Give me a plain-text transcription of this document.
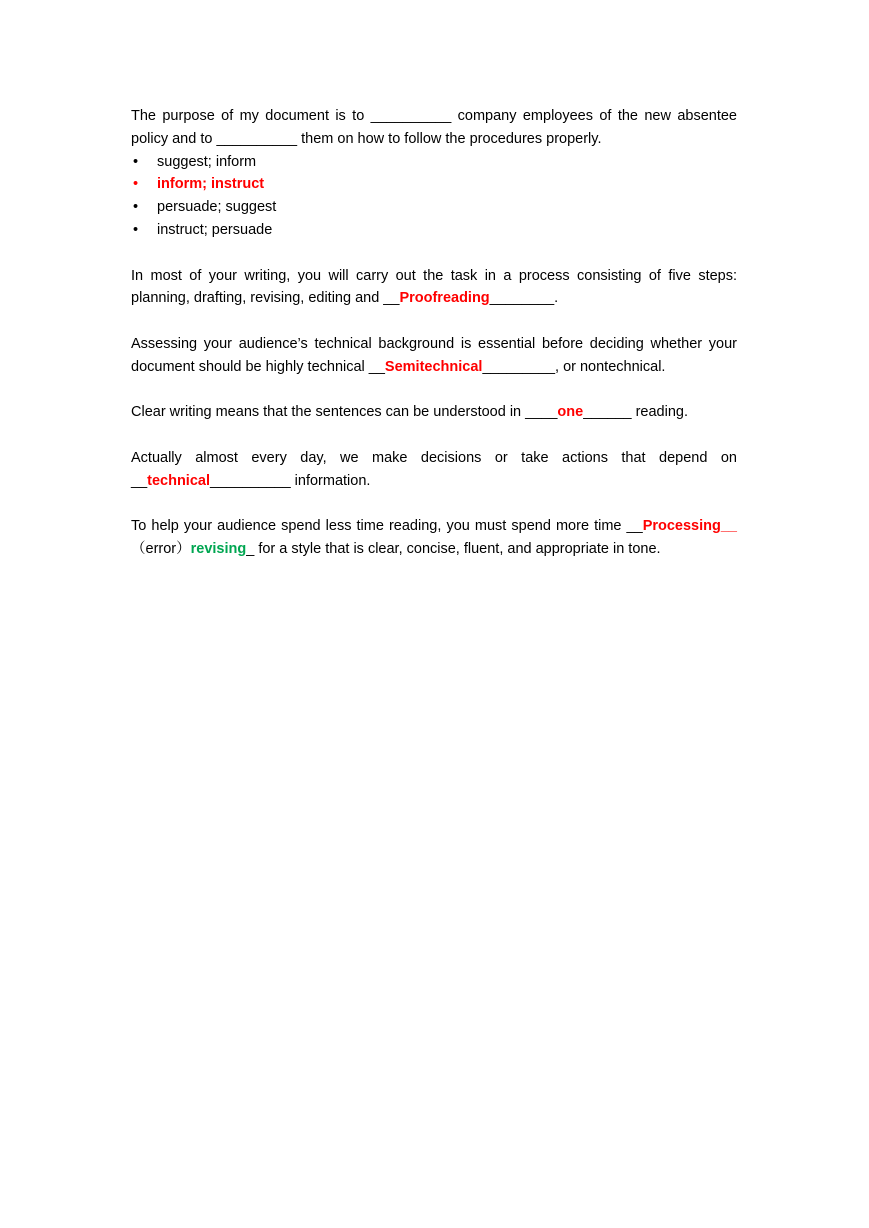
The purpose of my document is to __________ company employees of the new absentee policy and to __________ them on how to follow the procedures properly.

• suggest; inform
• inform; instruct
• persuade; suggest
• instruct; persuade

In most of your writing, you will carry out the task in a process consisting of five steps: planning, drafting, revising, editing and __Proofreading________.

Assessing your audience’s technical background is essential before deciding whether your document should be highly technical __Semitechnical_________, or nontechnical.

Clear writing means that the sentences can be understood in ____one______ reading.

Actually almost every day, we make decisions or take actions that depend on __technical__________ information.

To help your audience spend less time reading, you must spend more time __Processing__（error）revising_ for a style that is clear, concise, fluent, and appropriate in tone.
